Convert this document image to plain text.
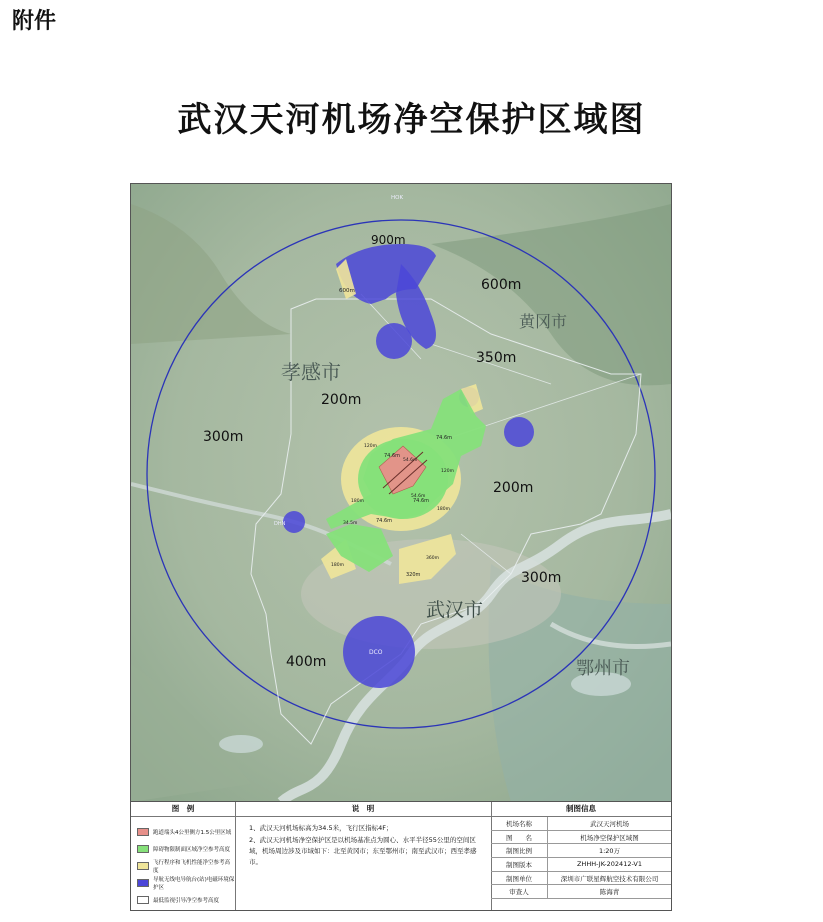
附件
武汉天河机场净空保护区域图
孝感市
黄冈市
武汉市
鄂州市
900m
600m
350m
200m
200m
300m
300m
400m
600m
180m
180m
180m
360m
320m
120m
120m
74.6m
74.6m
74.6m
74.6m
54.6m
54.6m
34.5m
HOK
DHN
DCO
图　例
跑道端头4公里侧方1.5公里区域
障碍物限制面区域净空参考高度
飞行程序和飞机性能净空参考高度
导航无线电导航台(站)电磁环境保护区
最低监视引导净空参考高度
说　明

1、武汉天河机场标高为34.5米，飞行区指标4F；

2、武汉天河机场净空保护区是以机场基准点为圆心、水平半径55公里的空间区域，机场周边涉及市域如下：北至黄冈市；东至鄂州市；南至武汉市；西至孝感市。

制图信息
机场名称	武汉天河机场
图　　名	机场净空保护区域图
制图比例	1:20万
制图版本	ZHHH-JK-202412-V1
制图单位	深圳市广联星辉航空技术有限公司
审查人	陈海青
